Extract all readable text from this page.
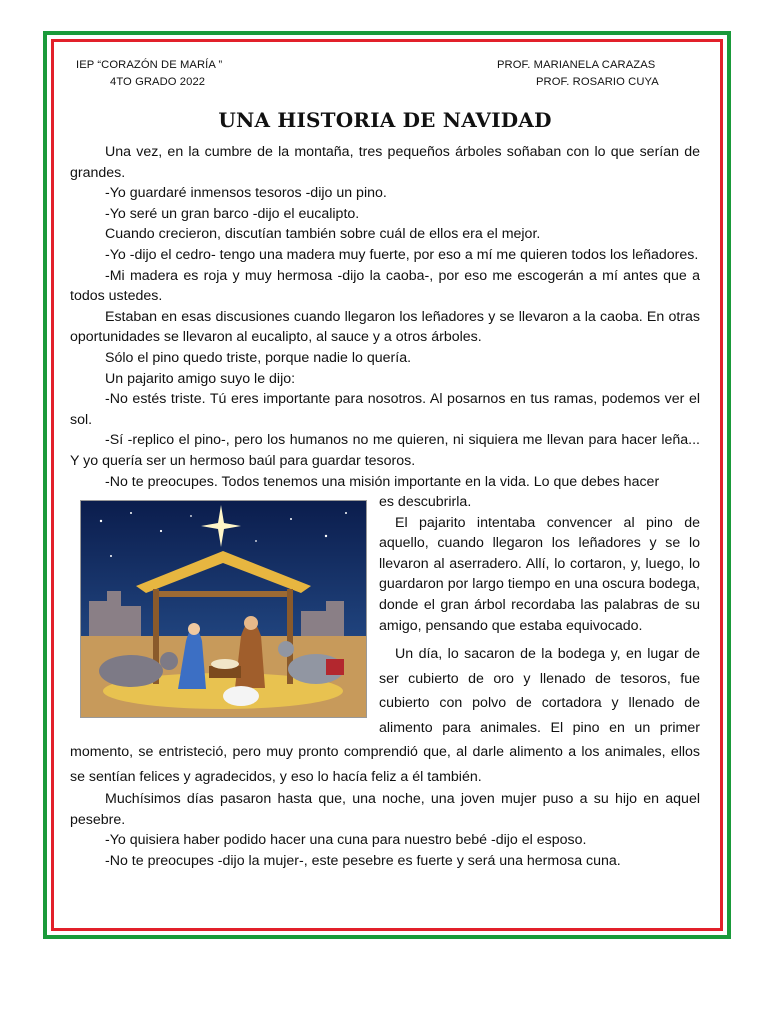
IEP “CORAZÓN DE MARÍA ”
4TO GRADO 2022
PROF. MARIANELA CARAZAS
PROF. ROSARIO CUYA
UNA HISTORIA DE NAVIDAD

Una vez, en la cumbre de la montaña, tres pequeños árboles soñaban con lo que serían de grandes.

-Yo guardaré inmensos tesoros -dijo un pino.

-Yo seré un gran barco -dijo el eucalipto.

Cuando crecieron, discutían también sobre cuál de ellos era el mejor.

-Yo -dijo el cedro- tengo una madera muy fuerte, por eso a mí me quieren todos los leñadores.

-Mi madera es roja y muy hermosa -dijo la caoba-, por eso me escogerán a mí antes que a todos ustedes.

Estaban en esas discusiones cuando llegaron los leñadores y se llevaron a la caoba. En otras oportunidades se llevaron al eucalipto, al sauce y a otros árboles.

Sólo el pino quedo triste, porque nadie lo quería.

Un pajarito amigo suyo le dijo:

-No estés triste. Tú eres importante para nosotros. Al posarnos en tus ramas, podemos ver el sol.

-Sí -replico el pino-, pero los humanos no me quieren, ni siquiera me llevan para hacer leña... Y yo quería ser un hermoso baúl para guardar tesoros.

-No te preocupes. Todos tenemos una misión importante en la vida. Lo que debes hacer

es descubrirla.

El pajarito intentaba convencer al pino de aquello, cuando llegaron los leñadores y se lo llevaron al aserradero. Allí, lo cortaron, y, luego, lo guardaron por largo tiempo en una oscura bodega, donde el gran árbol recordaba las palabras de su amigo, pensando que estaba equivocado.

Un día, lo sacaron de la bodega y, en lugar de ser cubierto de oro y llenado de tesoros, fue cubierto con polvo de cortadora y llenado de alimento para animales. El pino en un primer momento, se entristeció, pero muy pronto comprendió que, al darle alimento a los animales, ellos se sentían felices y agradecidos, y eso lo hacía feliz a él también.

Muchísimos días pasaron hasta que, una noche, una joven mujer puso a su hijo en aquel pesebre.

-Yo quisiera haber podido hacer una cuna para nuestro bebé -dijo el esposo.

-No te preocupes -dijo la mujer-, este pesebre es fuerte y será una hermosa cuna.
